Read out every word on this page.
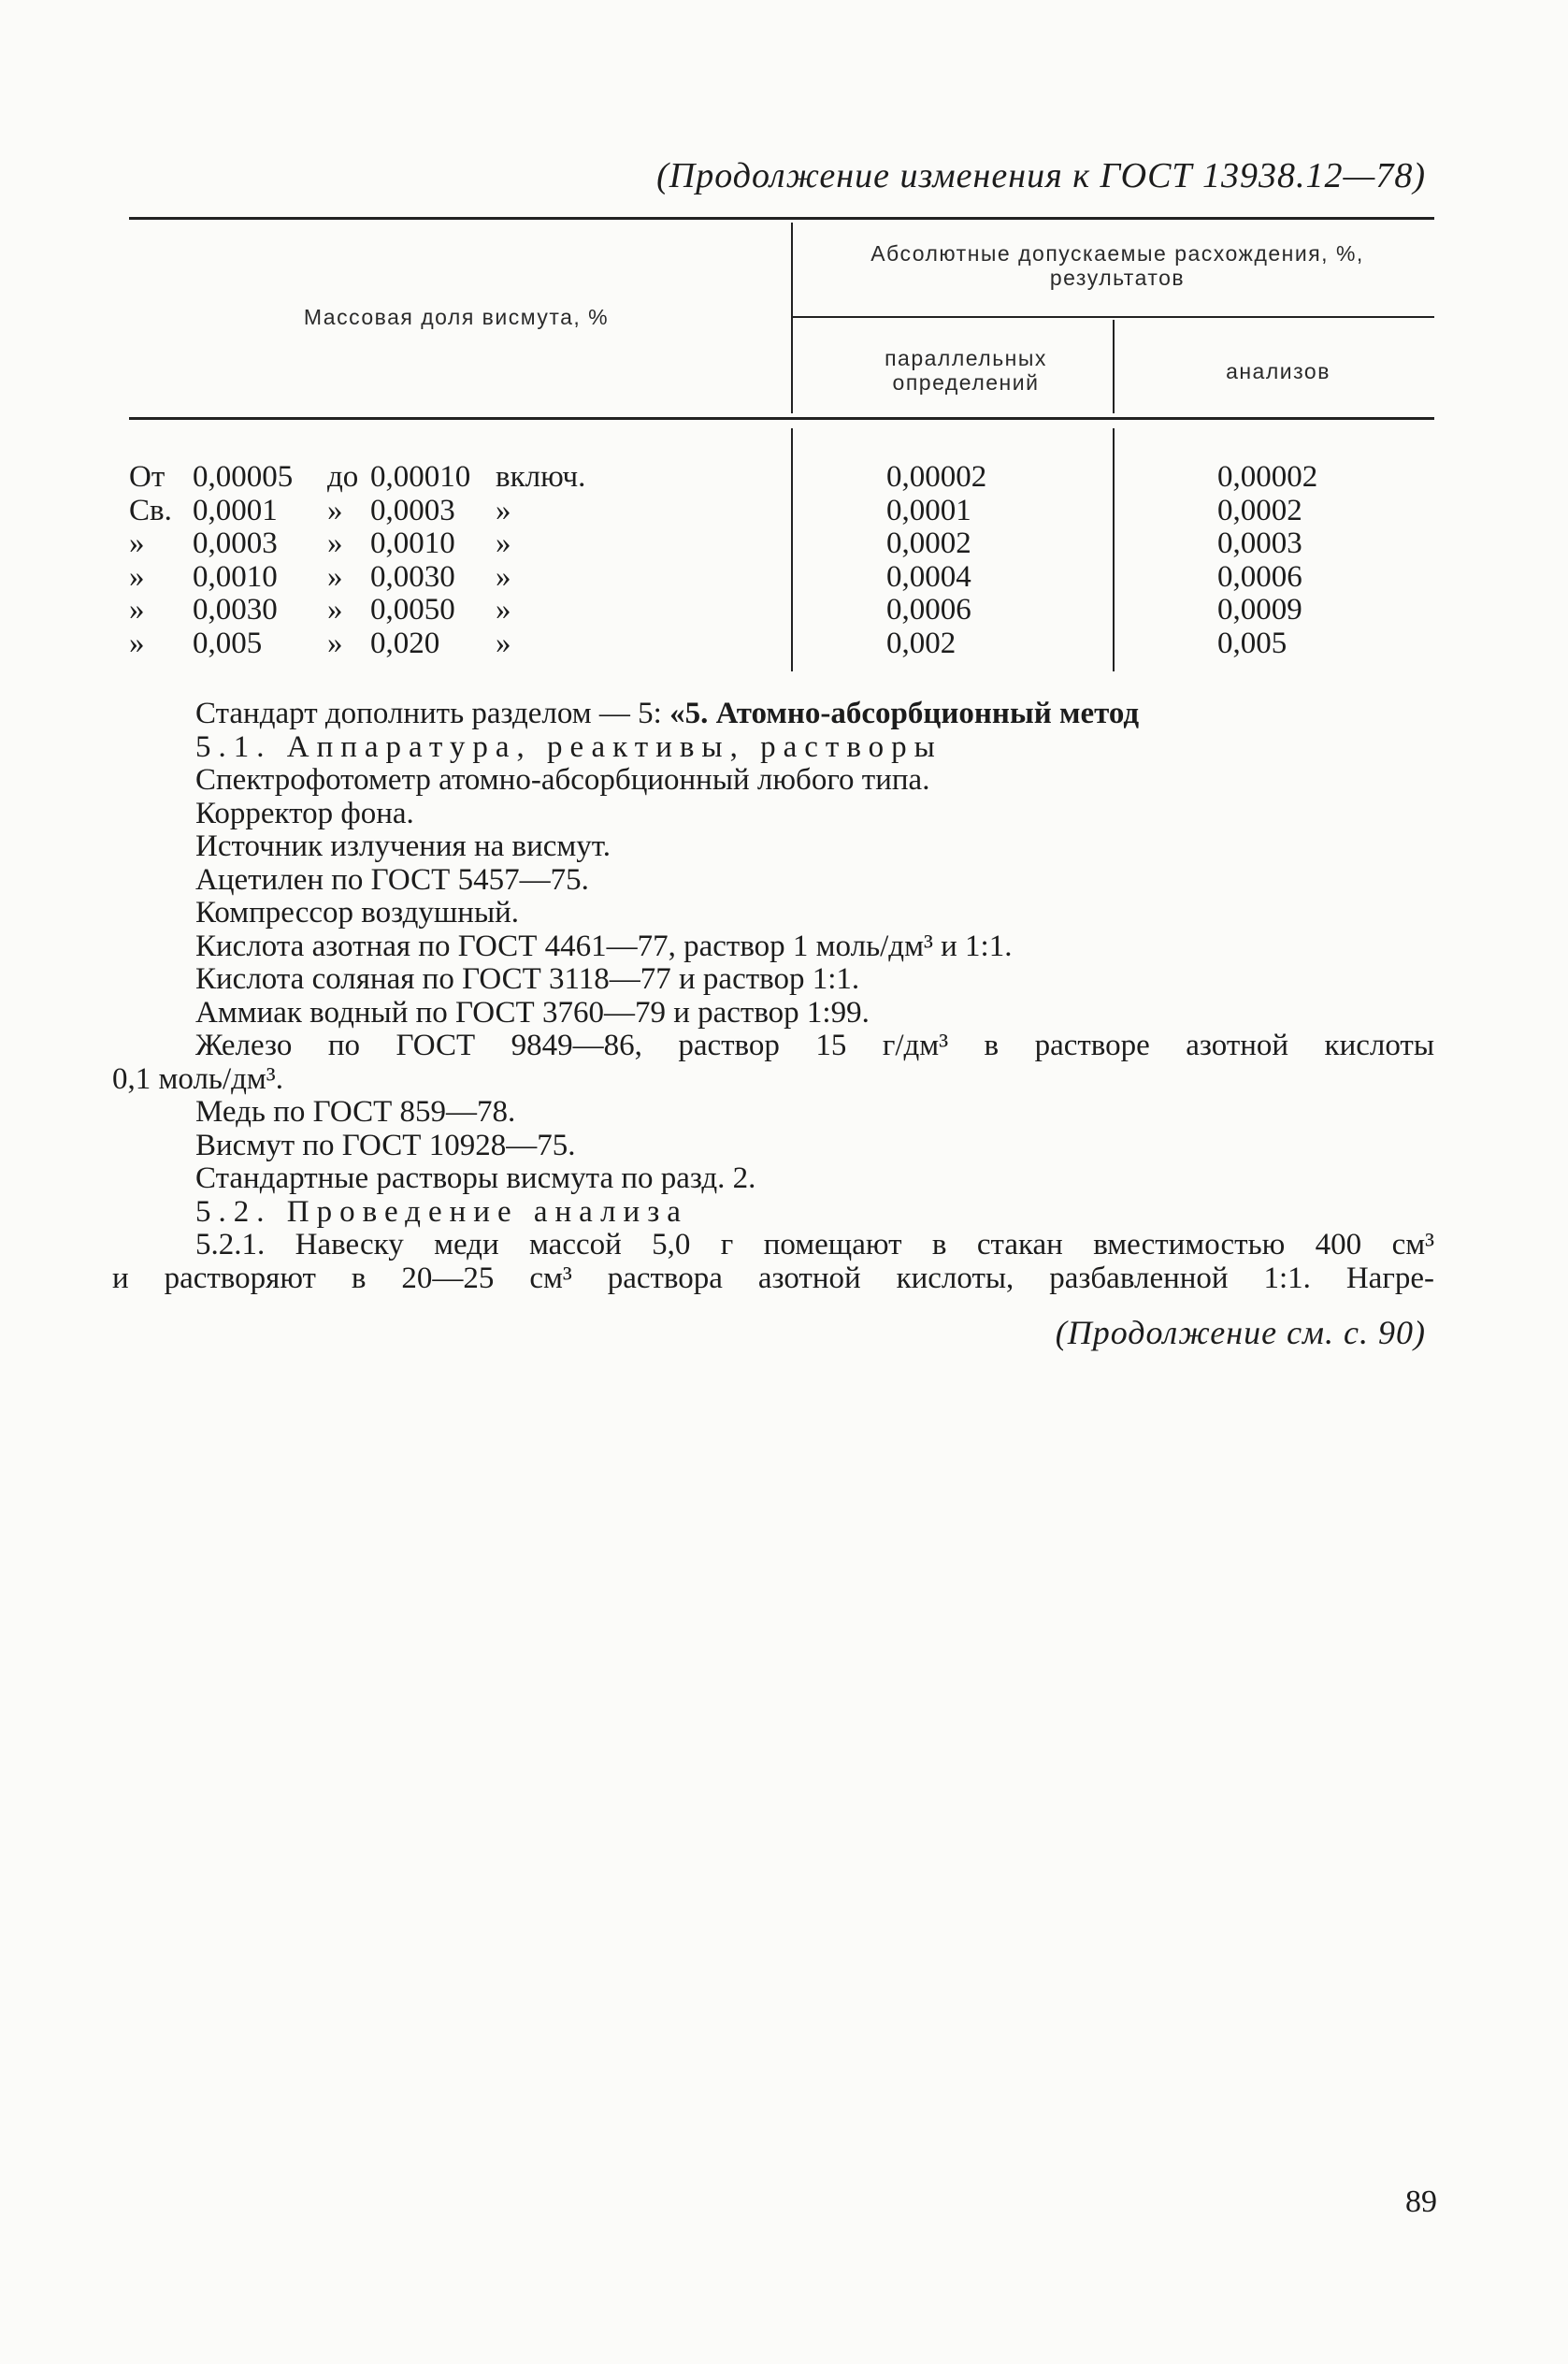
(Продолжение изменения к ГОСТ 13938.12—78)
Массовая доля висмута, %
Абсолютные допускаемые расхождения, %, результатов
параллельных определений	анализов
От 0,00005 до 0,00010 включ.	0,00002	0,00002
Св. 0,0001 » 0,0003 »	0,0001	0,0002
» 0,0003 » 0,0010 »	0,0002	0,0003
» 0,0010 » 0,0030 »	0,0004	0,0006
» 0,0030 » 0,0050 »	0,0006	0,0009
» 0,005 » 0,020 »	0,002	0,005

Стандарт дополнить разделом — 5: «5. Атомно-абсорбционный метод

5.1. Аппаратура, реактивы, растворы

Спектрофотометр атомно-абсорбционный любого типа.

Корректор фона.

Источник излучения на висмут.

Ацетилен по ГОСТ 5457—75.

Компрессор воздушный.

Кислота азотная по ГОСТ 4461—77, раствор 1 моль/дм³ и 1:1.

Кислота соляная по ГОСТ 3118—77 и раствор 1:1.

Аммиак водный по ГОСТ 3760—79 и раствор 1:99.

Железо по ГОСТ 9849—86, раствор 15 г/дм³ в растворе азотной кислоты

0,1 моль/дм³.

Медь по ГОСТ 859—78.

Висмут по ГОСТ 10928—75.

Стандартные растворы висмута по разд. 2.

5.2. Проведение анализа

5.2.1. Навеску меди массой 5,0 г помещают в стакан вместимостью 400 см³

и растворяют в 20—25 см³ раствора азотной кислоты, разбавленной 1:1. Нагре-

(Продолжение см. с. 90)
89
